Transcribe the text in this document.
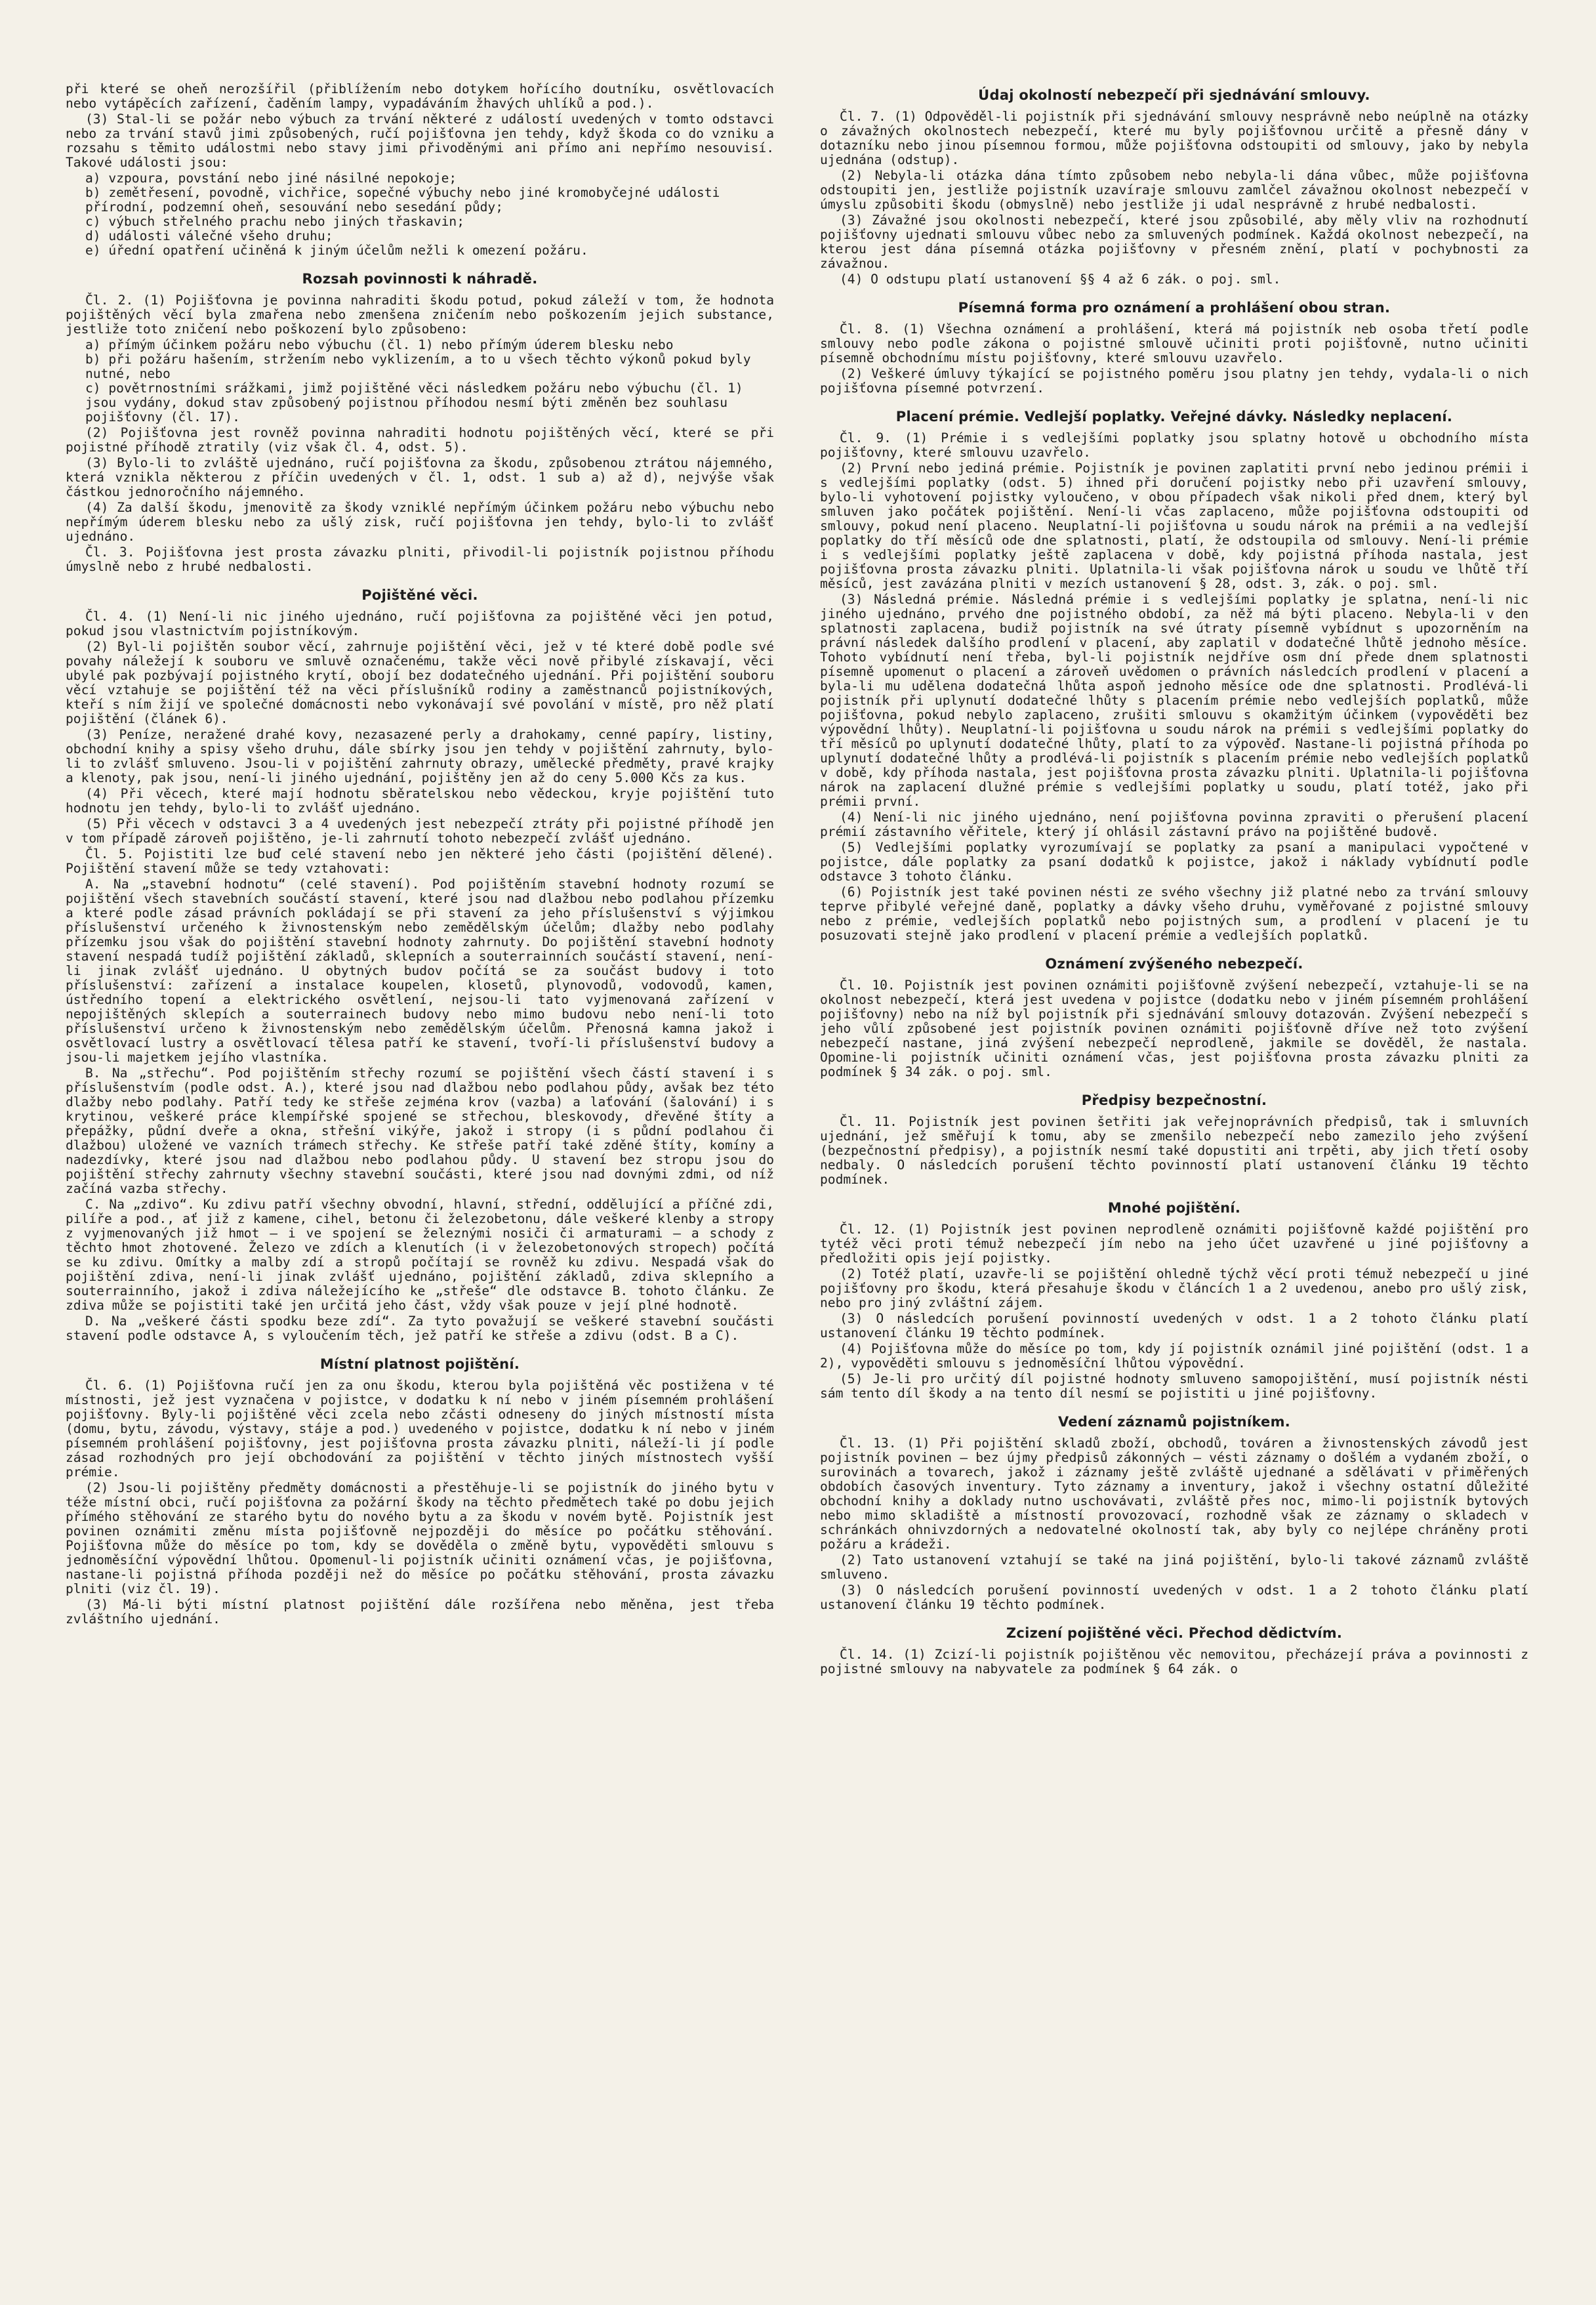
při které se oheň nerozšířil (přiblížením nebo dotykem hořícího doutníku, osvětlovacích nebo vytápěcích zařízení, čaděním lampy, vypadáváním žhavých uhlíků a pod.).

(3) Stal-li se požár nebo výbuch za trvání některé z událostí uvedených v tomto odstavci nebo za trvání stavů jimi způsobených, ručí pojišťovna jen tehdy, když škoda co do vzniku a rozsahu s těmito událostmi nebo stavy jimi přivoděnými ani přímo ani nepřímo nesouvisí. Takové události jsou:

a) vzpoura, povstání nebo jiné násilné nepokoje;
b) zemětřesení, povodně, vichřice, sopečné výbuchy nebo jiné kromobyčejné události přírodní, podzemní oheň, sesouvání nebo sesedání půdy;
c) výbuch střelného prachu nebo jiných třaskavin;
d) události válečné všeho druhu;
e) úřední opatření učiněná k jiným účelům nežli k omezení požáru.
Rozsah povinnosti k náhradě.

Čl. 2. (1) Pojišťovna je povinna nahraditi škodu potud, pokud záleží v tom, že hodnota pojištěných věcí byla zmařena nebo zmenšena zničením nebo poškozením jejich substance, jestliže toto zničení nebo poškození bylo způsobeno:

a) přímým účinkem požáru nebo výbuchu (čl. 1) nebo přímým úderem blesku nebo
b) při požáru hašením, stržením nebo vyklizením, a to u všech těchto výkonů pokud byly nutné, nebo
c) povětrnostními srážkami, jimž pojištěné věci následkem požáru nebo výbuchu (čl. 1) jsou vydány, dokud stav způsobený pojistnou příhodou nesmí býti změněn bez souhlasu pojišťovny (čl. 17).

(2) Pojišťovna jest rovněž povinna nahraditi hodnotu pojištěných věcí, které se při pojistné příhodě ztratily (viz však čl. 4, odst. 5).

(3) Bylo-li to zvláště ujednáno, ručí pojišťovna za škodu, způsobenou ztrátou nájemného, která vznikla některou z příčin uvedených v čl. 1, odst. 1 sub a) až d), nejvýše však částkou jednoročního nájemného.

(4) Za další škodu, jmenovitě za škody vzniklé nepřímým účinkem požáru nebo výbuchu nebo nepřímým úderem blesku nebo za ušlý zisk, ručí pojišťovna jen tehdy, bylo-li to zvlášť ujednáno.

Čl. 3. Pojišťovna jest prosta závazku plniti, přivodil-li pojistník pojistnou příhodu úmyslně nebo z hrubé nedbalosti.

Pojištěné věci.

Čl. 4. (1) Není-li nic jiného ujednáno, ručí pojišťovna za pojištěné věci jen potud, pokud jsou vlastnictvím pojistníkovým.

(2) Byl-li pojištěn soubor věcí, zahrnuje pojištění věci, jež v té které době podle své povahy náležejí k souboru ve smluvě označenému, takže věci nově přibylé získavají, věci ubylé pak pozbývají pojistného krytí, obojí bez dodatečného ujednání. Při pojištění souboru věcí vztahuje se pojištění též na věci příslušníků rodiny a zaměstnanců pojistníkových, kteří s ním žijí ve společné domácnosti nebo vykonávají své povolání v místě, pro něž platí pojištění (článek 6).

(3) Peníze, neražené drahé kovy, nezasazené perly a drahokamy, cenné papíry, listiny, obchodní knihy a spisy všeho druhu, dále sbírky jsou jen tehdy v pojištění zahrnuty, bylo-li to zvlášť smluveno. Jsou-li v pojištění zahrnuty obrazy, umělecké předměty, pravé krajky a klenoty, pak jsou, není-li jiného ujednání, pojištěny jen až do ceny 5.000 Kčs za kus.

(4) Při věcech, které mají hodnotu sběratelskou nebo vědeckou, kryje pojištění tuto hodnotu jen tehdy, bylo-li to zvlášť ujednáno.

(5) Při věcech v odstavci 3 a 4 uvedených jest nebezpečí ztráty při pojistné příhodě jen v tom případě zároveň pojištěno, je-li zahrnutí tohoto nebezpečí zvlášť ujednáno.

Čl. 5. Pojistiti lze buď celé stavení nebo jen některé jeho části (pojištění dělené). Pojištění stavení může se tedy vztahovati:

A. Na „stavební hodnotu“ (celé stavení). Pod pojištěním stavební hodnoty rozumí se pojištění všech stavebních součástí stavení, které jsou nad dlažbou nebo podlahou přízemku a které podle zásad právních pokládají se při stavení za jeho příslušenství s výjimkou příslušenství určeného k živnostenským nebo zemědělským účelům; dlažby nebo podlahy přízemku jsou však do pojištění stavební hodnoty zahrnuty. Do pojištění stavební hodnoty stavení nespadá tudíž pojištění základů, sklepních a souterrainních součástí stavení, není-li jinak zvlášť ujednáno. U obytných budov počítá se za součást budovy i toto příslušenství: zařízení a instalace koupelen, klosetů, plynovodů, vodovodů, kamen, ústředního topení a elektrického osvětlení, nejsou-li tato vyjmenovaná zařízení v nepojištěných sklepích a souterrainech budovy nebo mimo budovu nebo není-li toto příslušenství určeno k živnostenským nebo zemědělským účelům. Přenosná kamna jakož i osvětlovací lustry a osvětlovací tělesa patří ke stavení, tvoří-li příslušenství budovy a jsou-li majetkem jejího vlastníka.

B. Na „střechu“. Pod pojištěním střechy rozumí se pojištění všech částí stavení i s příslušenstvím (podle odst. A.), které jsou nad dlažbou nebo podlahou půdy, avšak bez této dlažby nebo podlahy. Patří tedy ke střeše zejména krov (vazba) a laťování (šalování) i s krytinou, veškeré práce klempířské spojené se střechou, bleskovody, dřevěné štíty a přepážky, půdní dveře a okna, střešní vikýře, jakož i stropy (i s půdní podlahou či dlažbou) uložené ve vazních trámech střechy. Ke střeše patří také zděné štíty, komíny a nadezdívky, které jsou nad dlažbou nebo podlahou půdy. U stavení bez stropu jsou do pojištění střechy zahrnuty všechny stavební součásti, které jsou nad dovnými zdmi, od níž začíná vazba střechy.

C. Na „zdivo“. Ku zdivu patří všechny obvodní, hlavní, střední, oddělující a příčné zdi, pilíře a pod., ať již z kamene, cihel, betonu či železobetonu, dále veškeré klenby a stropy z vyjmenovaných již hmot — i ve spojení se železnými nosiči či armaturami — a schody z těchto hmot zhotovené. Železo ve zdích a klenutích (i v železobetonových stropech) počítá se ku zdivu. Omítky a malby zdí a stropů počítají se rovněž ku zdivu. Nespadá však do pojištění zdiva, není-li jinak zvlášť ujednáno, pojištění základů, zdiva sklepního a souterrainního, jakož i zdiva náležejícího ke „střeše“ dle odstavce B. tohoto článku. Ze zdiva může se pojistiti také jen určitá jeho část, vždy však pouze v její plné hodnotě.

D. Na „veškeré části spodku beze zdí“. Za tyto považují se veškeré stavební součásti stavení podle odstavce A, s vyloučením těch, jež patří ke střeše a zdivu (odst. B a C).

Místní platnost pojištění.

Čl. 6. (1) Pojišťovna ručí jen za onu škodu, kterou byla pojištěná věc postižena v té místnosti, jež jest vyznačena v pojistce, v dodatku k ní nebo v jiném písemném prohlášení pojišťovny. Byly-li pojištěné věci zcela nebo zčásti odneseny do jiných místností místa (domu, bytu, závodu, výstavy, stáje a pod.) uvedeného v pojistce, dodatku k ní nebo v jiném písemném prohlášení pojišťovny, jest pojišťovna prosta závazku plniti, náleží-li jí podle zásad rozhodných pro její obchodování za pojištění v těchto jiných místnostech vyšší prémie.

(2) Jsou-li pojištěny předměty domácnosti a přestěhuje-li se pojistník do jiného bytu v téže místní obci, ručí pojišťovna za požární škody na těchto předmětech také po dobu jejich přímého stěhování ze starého bytu do nového bytu a za škodu v novém bytě. Pojistník jest povinen oznámiti změnu místa pojišťovně nejpozději do měsíce po počátku stěhování. Pojišťovna může do měsíce po tom, kdy se dověděla o změně bytu, vypověděti smlouvu s jednoměsíční výpovědní lhůtou. Opomenul-li pojistník učiniti oznámení včas, je pojišťovna, nastane-li pojistná příhoda později než do měsíce po počátku stěhování, prosta závazku plniti (viz čl. 19).

(3) Má-li býti místní platnost pojištění dále rozšířena nebo měněna, jest třeba zvláštního ujednání.

Údaj okolností nebezpečí při sjednávání smlouvy.

Čl. 7. (1) Odpověděl-li pojistník při sjednávání smlouvy nesprávně nebo neúplně na otázky o závažných okolnostech nebezpečí, které mu byly pojišťovnou určitě a přesně dány v dotazníku nebo jinou písemnou formou, může pojišťovna odstoupiti od smlouvy, jako by nebyla ujednána (odstup).

(2) Nebyla-li otázka dána tímto způsobem nebo nebyla-li dána vůbec, může pojišťovna odstoupiti jen, jestliže pojistník uzavíraje smlouvu zamlčel závažnou okolnost nebezpečí v úmyslu způsobiti škodu (obmyslně) nebo jestliže ji udal nesprávně z hrubé nedbalosti.

(3) Závažné jsou okolnosti nebezpečí, které jsou způsobilé, aby měly vliv na rozhodnutí pojišťovny ujednati smlouvu vůbec nebo za smluvených podmínek. Každá okolnost nebezpečí, na kterou jest dána písemná otázka pojišťovny v přesném znění, platí v pochybnosti za závažnou.

(4) O odstupu platí ustanovení §§ 4 až 6 zák. o poj. sml.

Písemná forma pro oznámení a prohlášení obou stran.

Čl. 8. (1) Všechna oznámení a prohlášení, která má pojistník neb osoba třetí podle smlouvy nebo podle zákona o pojistné smlouvě učiniti proti pojišťovně, nutno učiniti písemně obchodnímu místu pojišťovny, které smlouvu uzavřelo.

(2) Veškeré úmluvy týkající se pojistného poměru jsou platny jen tehdy, vydala-li o nich pojišťovna písemné potvrzení.

Placení prémie. Vedlejší poplatky. Veřejné dávky. Následky neplacení.

Čl. 9. (1) Prémie i s vedlejšími poplatky jsou splatny hotově u obchodního místa pojišťovny, které smlouvu uzavřelo.

(2) První nebo jediná prémie. Pojistník je povinen zaplatiti první nebo jedinou prémii i s vedlejšími poplatky (odst. 5) ihned při doručení pojistky nebo při uzavření smlouvy, bylo-li vyhotovení pojistky vyloučeno, v obou případech však nikoli před dnem, který byl smluven jako počátek pojištění. Není-li včas zaplaceno, může pojišťovna odstoupiti od smlouvy, pokud není placeno. Neuplatní-li pojišťovna u soudu nárok na prémii a na vedlejší poplatky do tří měsíců ode dne splatnosti, platí, že odstoupila od smlouvy. Není-li prémie i s vedlejšími poplatky ještě zaplacena v době, kdy pojistná příhoda nastala, jest pojišťovna prosta závazku plniti. Uplatnila-li však pojišťovna nárok u soudu ve lhůtě tří měsíců, jest zavázána plniti v mezích ustanovení § 28, odst. 3, zák. o poj. sml.

(3) Následná prémie. Následná prémie i s vedlejšími poplatky je splatna, není-li nic jiného ujednáno, prvého dne pojistného období, za něž má býti placeno. Nebyla-li v den splatnosti zaplacena, budiž pojistník na své útraty písemně vybídnut s upozorněním na právní následek dalšího prodlení v placení, aby zaplatil v dodatečné lhůtě jednoho měsíce. Tohoto vybídnutí není třeba, byl-li pojistník nejdříve osm dní přede dnem splatnosti písemně upomenut o placení a zároveň uvědomen o právních následcích prodlení v placení a byla-li mu udělena dodatečná lhůta aspoň jednoho měsíce ode dne splatnosti. Prodlévá-li pojistník při uplynutí dodatečné lhůty s placením prémie nebo vedlejších poplatků, může pojišťovna, pokud nebylo zaplaceno, zrušiti smlouvu s okamžitým účinkem (vypověděti bez výpovědní lhůty). Neuplatní-li pojišťovna u soudu nárok na prémii s vedlejšími poplatky do tří měsíců po uplynutí dodatečné lhůty, platí to za výpověď. Nastane-li pojistná příhoda po uplynutí dodatečné lhůty a prodlévá-li pojistník s placením prémie nebo vedlejších poplatků v době, kdy příhoda nastala, jest pojišťovna prosta závazku plniti. Uplatnila-li pojišťovna nárok na zaplacení dlužné prémie s vedlejšími poplatky u soudu, platí totéž, jako při prémii první.

(4) Není-li nic jiného ujednáno, není pojišťovna povinna zpraviti o přerušení placení prémií zástavního věřitele, který jí ohlásil zástavní právo na pojištěné budově.

(5) Vedlejšími poplatky vyrozumívají se poplatky za psaní a manipulaci vypočtené v pojistce, dále poplatky za psaní dodatků k pojistce, jakož i náklady vybídnutí podle odstavce 3 tohoto článku.

(6) Pojistník jest také povinen nésti ze svého všechny již platné nebo za trvání smlouvy teprve přibylé veřejné daně, poplatky a dávky všeho druhu, vyměřované z pojistné smlouvy nebo z prémie, vedlejších poplatků nebo pojistných sum, a prodlení v placení je tu posuzovati stejně jako prodlení v placení prémie a vedlejších poplatků.

Oznámení zvýšeného nebezpečí.

Čl. 10. Pojistník jest povinen oznámiti pojišťovně zvýšení nebezpečí, vztahuje-li se na okolnost nebezpečí, která jest uvedena v pojistce (dodatku nebo v jiném písemném prohlášení pojišťovny) nebo na níž byl pojistník při sjednávání smlouvy dotazován. Zvýšení nebezpečí s jeho vůlí způsobené jest pojistník povinen oznámiti pojišťovně dříve než toto zvýšení nebezpečí nastane, jiná zvýšení nebezpečí neprodleně, jakmile se dověděl, že nastala. Opomine-li pojistník učiniti oznámení včas, jest pojišťovna prosta závazku plniti za podmínek § 34 zák. o poj. sml.

Předpisy bezpečnostní.

Čl. 11. Pojistník jest povinen šetřiti jak veřejnoprávních předpisů, tak i smluvních ujednání, jež směřují k tomu, aby se zmenšilo nebezpečí nebo zamezilo jeho zvýšení (bezpečnostní předpisy), a pojistník nesmí také dopustiti ani trpěti, aby jich třetí osoby nedbaly. O následcích porušení těchto povinností platí ustanovení článku 19 těchto podmínek.

Mnohé pojištění.

Čl. 12. (1) Pojistník jest povinen neprodleně oznámiti pojišťovně každé pojištění pro tytéž věci proti témuž nebezpečí jím nebo na jeho účet uzavřené u jiné pojišťovny a předložiti opis její pojistky.

(2) Totéž platí, uzavře-li se pojištění ohledně týchž věcí proti témuž nebezpečí u jiné pojišťovny pro škodu, která přesahuje škodu v článcích 1 a 2 uvedenou, anebo pro ušlý zisk, nebo pro jiný zvláštní zájem.

(3) O následcích porušení povinností uvedených v odst. 1 a 2 tohoto článku platí ustanovení článku 19 těchto podmínek.

(4) Pojišťovna může do měsíce po tom, kdy jí pojistník oznámil jiné pojištění (odst. 1 a 2), vypověděti smlouvu s jednoměsíční lhůtou výpovědní.

(5) Je-li pro určitý díl pojistné hodnoty smluveno samopojištění, musí pojistník nésti sám tento díl škody a na tento díl nesmí se pojistiti u jiné pojišťovny.

Vedení záznamů pojistníkem.

Čl. 13. (1) Při pojištění skladů zboží, obchodů, továren a živnostenských závodů jest pojistník povinen — bez újmy předpisů zákonných — vésti záznamy o došlém a vydaném zboží, o surovinách a tovarech, jakož i záznamy ještě zvláště ujednané a sdělávati v přiměřených obdobích časových inventury. Tyto záznamy a inventury, jakož i všechny ostatní důležité obchodní knihy a doklady nutno uschovávati, zvláště přes noc, mimo-li pojistník bytových nebo mimo skladiště a místností provozovací, rozhodně však ze záznamy o skladech v schránkách ohnivzdorných a nedovatelné okolností tak, aby byly co nejlépe chráněny proti požáru a krádeži.

(2) Tato ustanovení vztahují se také na jiná pojištění, bylo-li takové záznamů zvláště smluveno.

(3) O následcích porušení povinností uvedených v odst. 1 a 2 tohoto článku platí ustanovení článku 19 těchto podmínek.

Zcizení pojištěné věci. Přechod dědictvím.

Čl. 14. (1) Zcizí-li pojistník pojištěnou věc nemovitou, přecházejí práva a povinnosti z pojistné smlouvy na nabyvatele za podmínek § 64 zák. o
